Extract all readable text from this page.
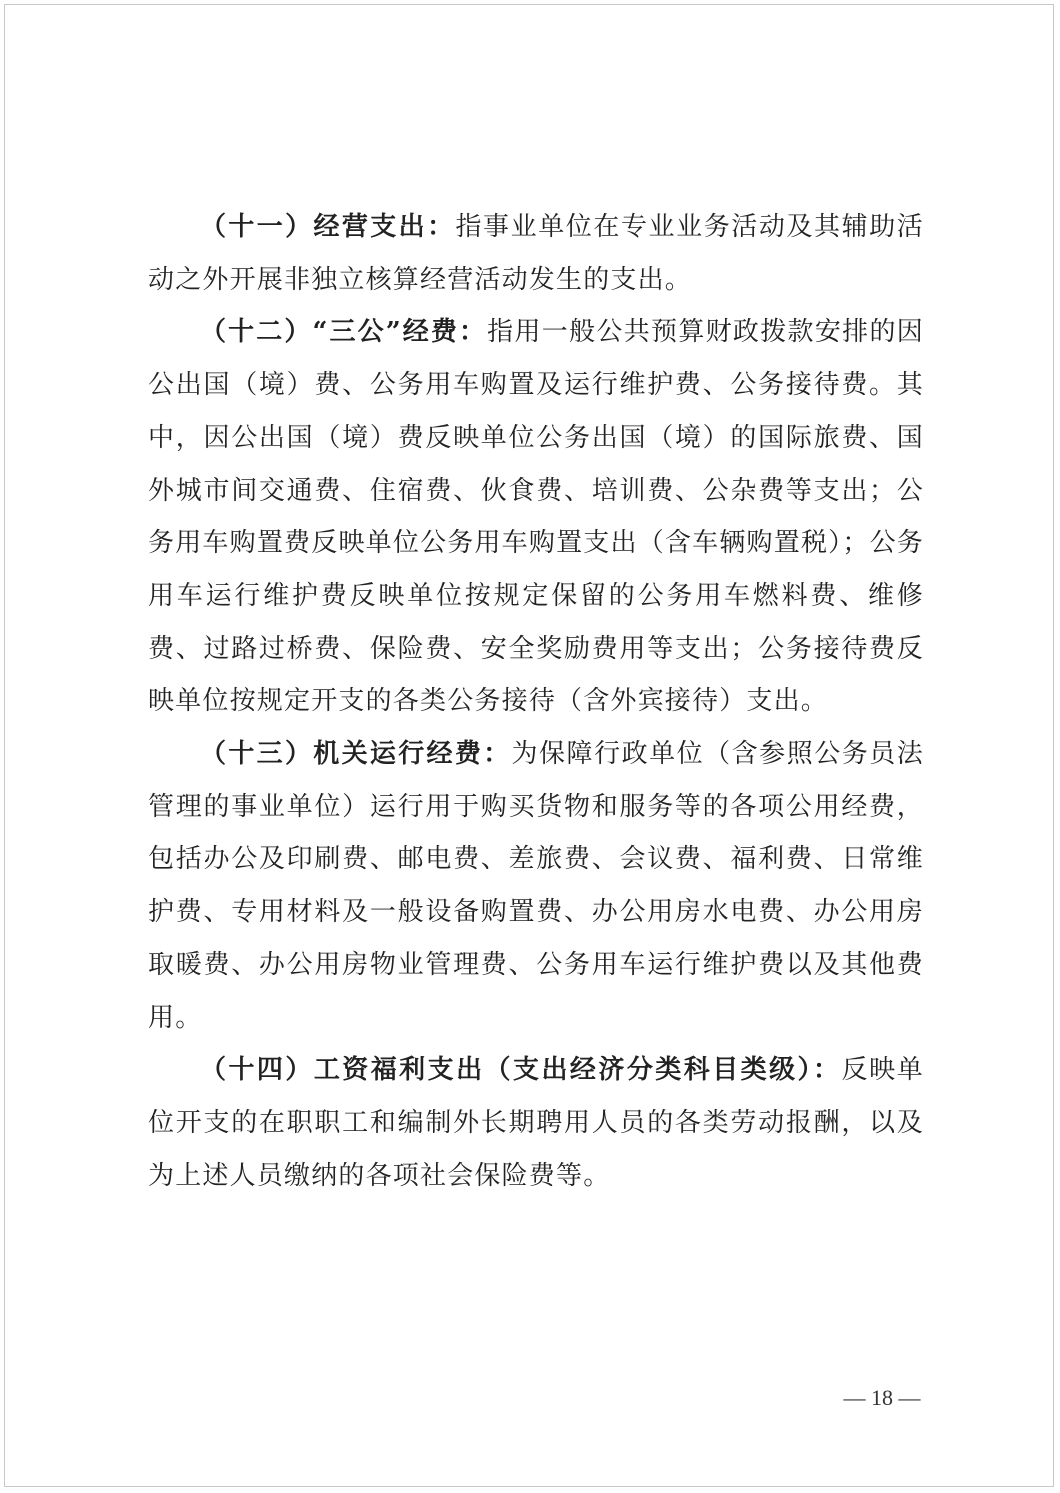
（十一）经营支出：指事业单位在专业业务活动及其辅助活动之外开展非独立核算经营活动发生的支出。

（十二）“三公”经费：指用一般公共预算财政拨款安排的因公出国（境）费、公务用车购置及运行维护费、公务接待费。其中，因公出国（境）费反映单位公务出国（境）的国际旅费、国外城市间交通费、住宿费、伙食费、培训费、公杂费等支出；公务用车购置费反映单位公务用车购置支出（含车辆购置税）；公务用车运行维护费反映单位按规定保留的公务用车燃料费、维修费、过路过桥费、保险费、安全奖励费用等支出；公务接待费反映单位按规定开支的各类公务接待（含外宾接待）支出。

（十三）机关运行经费：为保障行政单位（含参照公务员法管理的事业单位）运行用于购买货物和服务等的各项公用经费，包括办公及印刷费、邮电费、差旅费、会议费、福利费、日常维护费、专用材料及一般设备购置费、办公用房水电费、办公用房取暖费、办公用房物业管理费、公务用车运行维护费以及其他费用。

（十四）工资福利支出（支出经济分类科目类级）：反映单位开支的在职职工和编制外长期聘用人员的各类劳动报酬，以及为上述人员缴纳的各项社会保险费等。

— 18 —
